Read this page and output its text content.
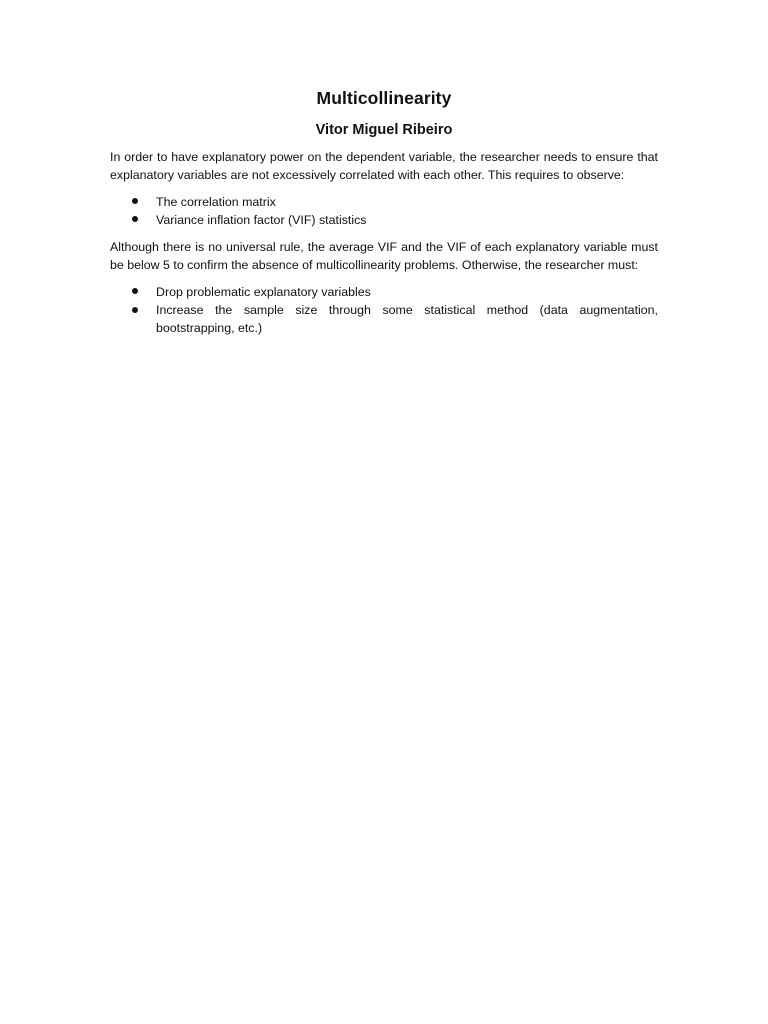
Multicollinearity
Vitor Miguel Ribeiro

In order to have explanatory power on the dependent variable, the researcher needs to ensure that explanatory variables are not excessively correlated with each other. This requires to observe:

The correlation matrix
Variance inflation factor (VIF) statistics

Although there is no universal rule, the average VIF and the VIF of each explanatory variable must be below 5 to confirm the absence of multicollinearity problems. Otherwise, the researcher must:

Drop problematic explanatory variables
Increase the sample size through some statistical method (data augmentation, bootstrapping, etc.)
